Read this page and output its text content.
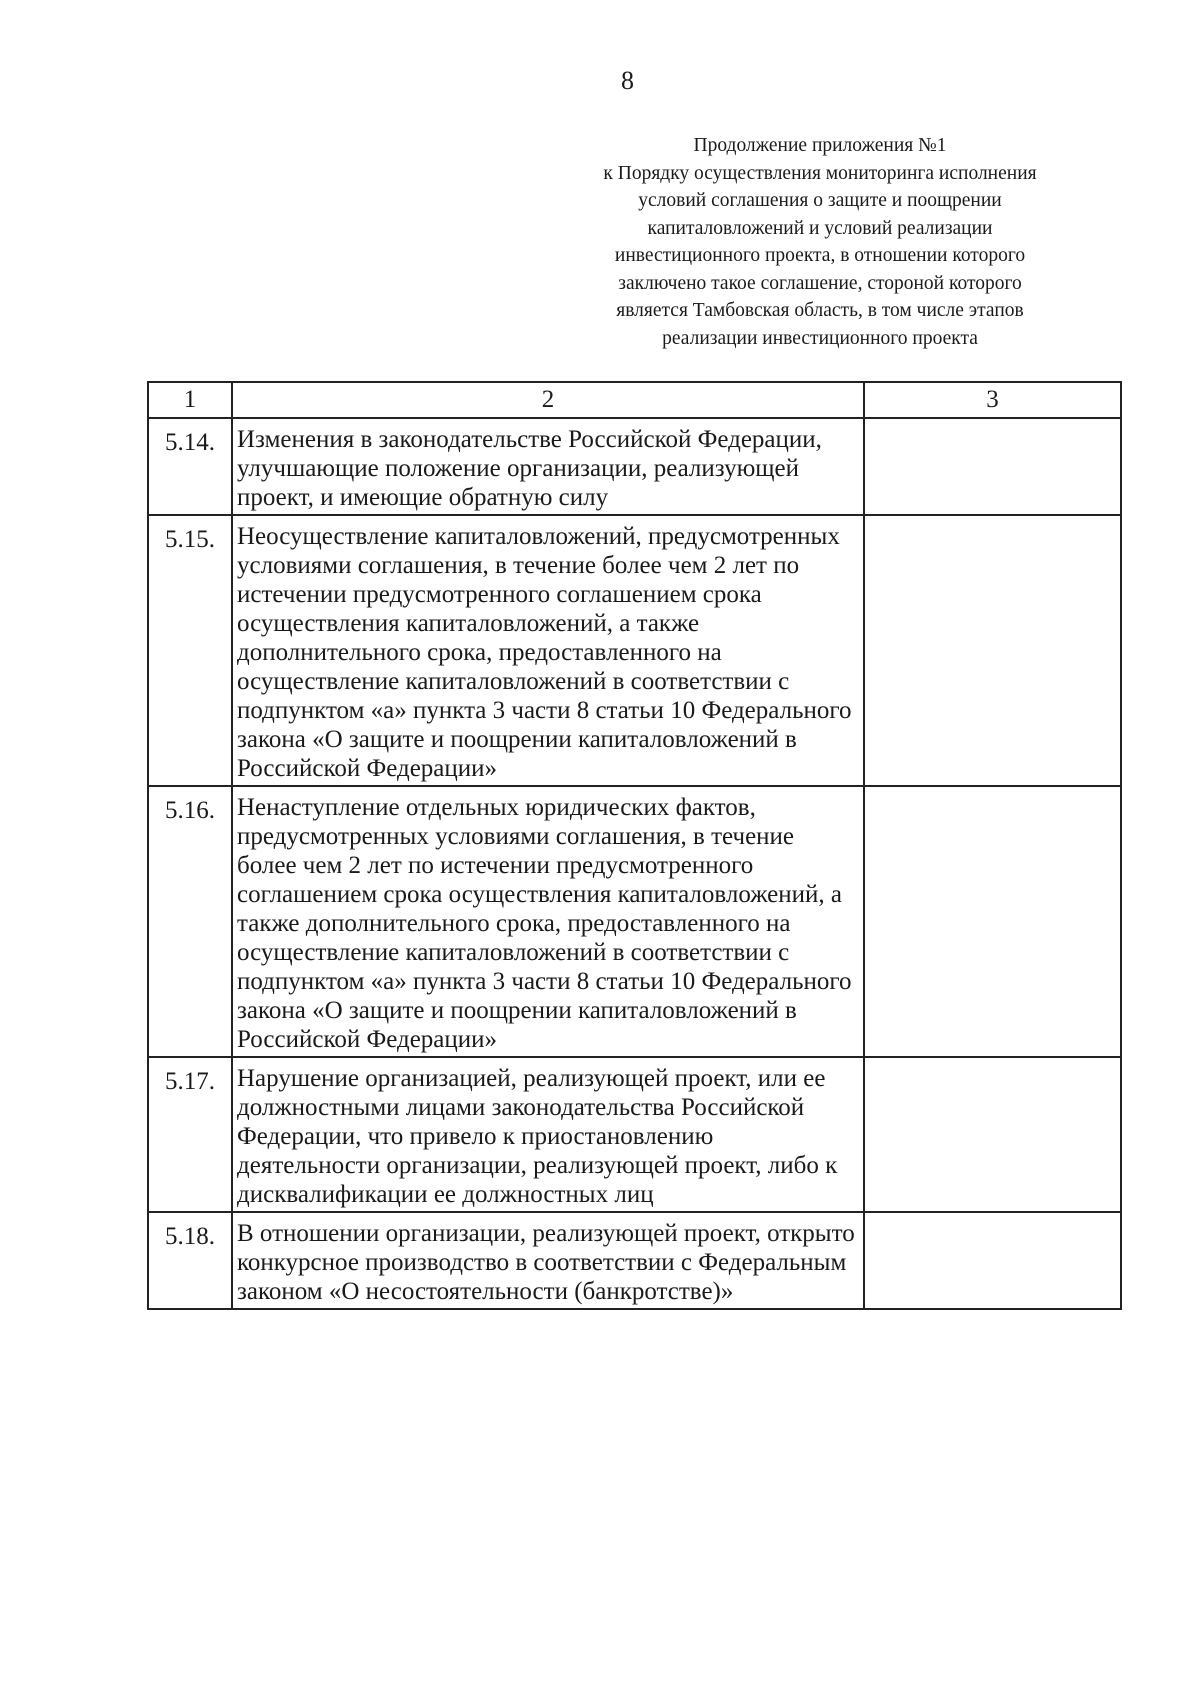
8
Продолжение приложения №1
к Порядку осуществления мониторинга исполнения
условий соглашения о защите и поощрении
капиталовложений и условий реализации
инвестиционного проекта, в отношении которого
заключено такое соглашение, стороной которого
является Тамбовская область, в том числе этапов
реализации инвестиционного проекта
1	2	3
5.14.	Изменения в законодательстве Российской Федерации, улучшающие положение организации, реализующей проект, и имеющие обратную силу	
5.15.	Неосуществление капиталовложений, предусмотренных условиями соглашения, в течение более чем 2 лет по истечении предусмотренного соглашением срока осуществления капиталовложений, а также дополнительного срока, предоставленного на осуществление капиталовложений в соответствии с подпунктом «а» пункта 3 части 8 статьи 10 Федерального закона «О защите и поощрении капиталовложений в Российской Федерации»	
5.16.	Ненаступление отдельных юридических фактов, предусмотренных условиями соглашения, в течение более чем 2 лет по истечении предусмотренного соглашением срока осуществления капиталовложений, а также дополнительного срока, предоставленного на осуществление капиталовложений в соответствии с подпунктом «а» пункта 3 части 8 статьи 10 Федерального закона «О защите и поощрении капиталовложений в Российской Федерации»	
5.17.	Нарушение организацией, реализующей проект, или ее должностными лицами законодательства Российской Федерации, что привело к приостановлению деятельности организации, реализующей проект, либо к дисквалификации ее должностных лиц	
5.18.	В отношении организации, реализующей проект, открыто конкурсное производство в соответствии с Федеральным законом «О несостоятельности (банкротстве)»	
